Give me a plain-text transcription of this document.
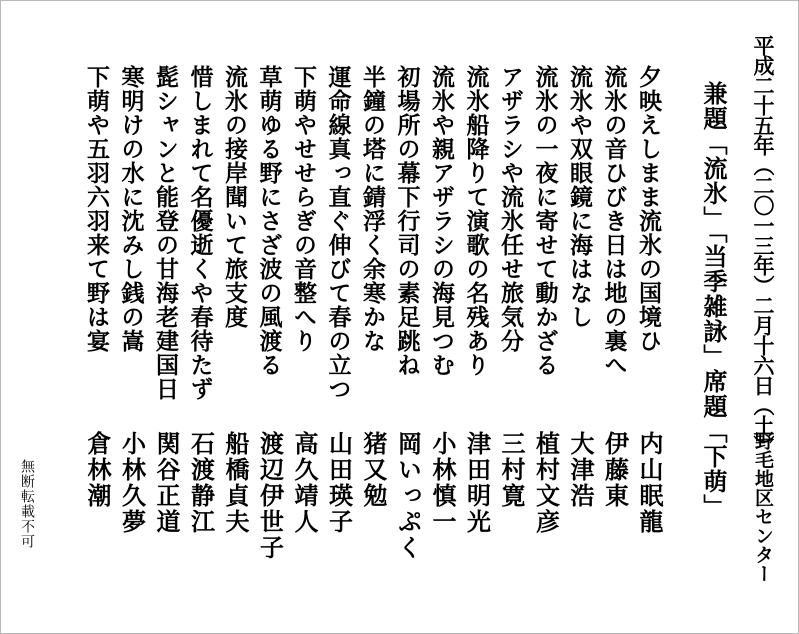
平成二十五年（二〇一三年）二月十六日（土）
野毛地区センター
兼題「流氷」「当季雑詠」席題「下萌」
夕映えしまま流氷の国境ひ
内山眠龍
流氷の音ひびき日は地の裏へ
伊藤東
流氷や双眼鏡に海はなし
大津浩
流氷の一夜に寄せて動かざる
植村文彦
アザラシや流氷任せ旅気分
三村寛
流氷船降りて演歌の名残あり
津田明光
流氷や親アザラシの海見つむ
小林慎一
初場所の幕下行司の素足跳ね
岡いっぷく
半鐘の塔に錆浮く余寒かな
猪又勉
運命線真っ直ぐ伸びて春の立つ
山田瑛子
下萌やせせらぎの音整へり
高久靖人
草萌ゆる野にさざ波の風渡る
渡辺伊世子
流氷の接岸聞いて旅支度
船橋貞夫
惜しまれて名優逝くや春待たず
石渡静江
髭シャンと能登の甘海老建国日
関谷正道
寒明けの水に沈みし銭の嵩
小林久夢
下萌や五羽六羽来て野は宴
倉林潮
無断転載不可
